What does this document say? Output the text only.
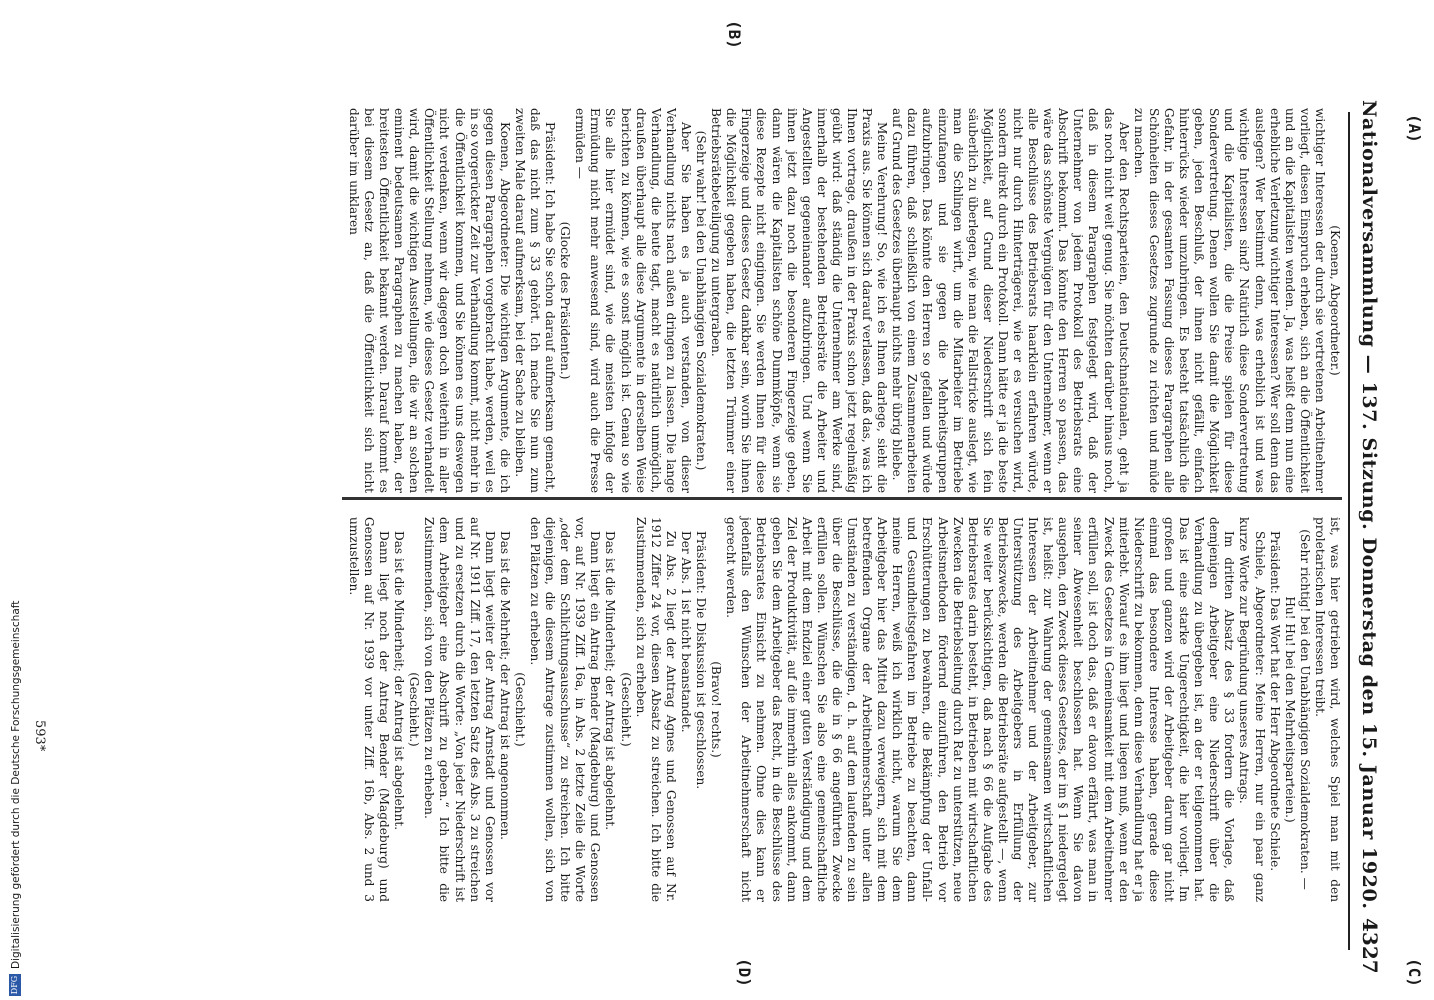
(A)
(C)
Nationalversammlung — 137. Sitzung. Donnerstag den 15. Januar 1920.
4327
(B)
(D)

(Koenen, Abgeordneter.)

wichtiger Interessen der durch sie vertretenen Arbeitnehmer vorliegt, diesen Einspruch erheben, sich an die Öffentlichkeit und an die Kapitalisten wenden. Ja, was heißt denn nun eine erhebliche Verletzung wichtiger Interessen? Wer soll denn das auslegen? Wer bestimmt denn, was erheblich ist und was wichtige Interessen sind? Natürlich diese Sondervertretung und die Kapitalisten, die die Preise spielen für diese Sondervertretung. Denen wollen Sie damit die Möglichkeit geben, jeden Beschluß, der ihnen nicht gefällt, einfach hinterrücks wieder umzubringen. Es besteht tatsächlich die Gefahr, in der gesamten Fassung dieses Paragraphen alle Schönheiten dieses Gesetzes zugrunde zu richten und müde zu machen.

Aber den Rechtsparteien, den Deutschnationalen, geht ja das noch nicht weit genug. Sie möchten darüber hinaus noch, daß in diesem Paragraphen festgelegt wird, daß der Unternehmer von jedem Protokoll des Betriebsrats eine Abschrift bekommt. Das könnte den Herren so passen, das wäre das schönste Vergnügen für den Unternehmer, wenn er alle Beschlüsse des Betriebsrats haarklein erfahren würde, nicht nur durch Hinterträgerei, wie er es versuchen wird, sondern direkt durch ein Protokoll. Dann hätte er ja die beste Möglichkeit, auf Grund dieser Niederschrift sich fein säuberlich zu überlegen, wie man die Fallstricke auslegt, wie man die Schlingen wirft, um die Mitarbeiter im Betriebe einzufangen und sie gegen die Mehrheitsgruppen aufzubringen. Das könnte den Herren so gefallen und würde dazu führen, daß schließlich von einem Zusammenarbeiten auf Grund des Gesetzes überhaupt nichts mehr übrig bliebe.

Meine Verehrung! So, wie ich es Ihnen darlege, sieht die Praxis aus. Sie können sich darauf verlassen, daß das, was ich Ihnen vortrage, draußen in der Praxis schon jetzt regelmäßig geübt wird: daß ständig die Unternehmer am Werke sind, innerhalb der bestehenden Betriebsräte die Arbeiter und Angestellten gegeneinander aufzubringen. Und wenn Sie ihnen jetzt dazu noch die besonderen Fingerzeige geben, dann wären die Kapitalisten schöne Dummköpfe, wenn sie diese Rezepte nicht eingingen. Sie werden Ihnen für diese Fingerzeige und dieses Gesetz dankbar sein, worin Sie ihnen die Möglichkeit gegeben haben, die letzten Trümmer einer Betriebsrätebeteiligung zu untergraben.

(Sehr wahr! bei den Unabhängigen Sozialdemokraten.)

Aber Sie haben es ja auch verstanden, von dieser Verhandlung nichts nach außen dringen zu lassen. Die lange Verhandlung, die heute tagt, macht es natürlich unmöglich, draußen überhaupt alle diese Argumente in derselben Weise berichten zu können, wie es sonst möglich ist. Genau so wie Sie alle hier ermüdet sind, wie die meisten infolge der Ermüdung nicht mehr anwesend sind, wird auch die Presse ermüden —

(Glocke des Präsidenten.)

Präsident: Ich habe Sie schon darauf aufmerksam gemacht, daß das nicht zum § 33 gehört. Ich mache Sie nun zum zweiten Male darauf aufmerksam, bei der Sache zu bleiben.

Koenen, Abgeordneter: Die wichtigen Argumente, die ich gegen diesen Paragraphen vorgebracht habe, werden, weil es in so vorgerückter Zeit zur Verhandlung kommt, nicht mehr in die Öffentlichkeit kommen, und Sie können es uns deswegen nicht verdenken, wenn wir dagegen doch weiterhin in aller Öffentlichkeit Stellung nehmen, wie dieses Gesetz verhandelt wird, damit die wichtigen Ausstellungen, die wir an solchen eminent bedeutsamen Paragraphen zu machen haben, der breitesten Öffentlichkeit bekannt werden. Darauf kommt es bei diesem Gesetz an, daß die Öffentlichkeit sich nicht darüber im unklaren

ist, was hier getrieben wird, welches Spiel man mit den proletarischen Interessen treibt.

(Sehr richtig! bei den Unabhängigen Sozialdemokraten. — Hu! Hu! bei den Mehrheitsparteien.)

Präsident: Das Wort hat der Herr Abgeordnete Schiele.

Schiele, Abgeordneter: Meine Herren, nur ein paar ganz kurze Worte zur Begründung unseres Antrags.

Im dritten Absatz des § 33 fordern die Vorlage, daß demjenigen Arbeitgeber eine Niederschrift über die Verhandlung zu übergeben ist, an der er teilgenommen hat. Das ist eine starke Ungerechtigkeit, die hier vorliegt. Im großen und ganzen wird der Arbeitgeber darum gar nicht einmal das besondere Interesse haben, gerade diese Niederschrift zu bekommen, denn diese Verhandlung hat er ja miterlebt. Worauf es ihm liegt und liegen muß, wenn er den Zweck des Gesetzes in Gemeinsamkeit mit dem Arbeitnehmer erfüllen soll, ist doch das, daß er davon erfährt, was man in seiner Abwesenheit beschlossen hat. Wenn Sie davon ausgehen, den Zweck dieses Gesetzes, der im § 1 niedergelegt ist, heißt: zur Wahrung der gemeinsamen wirtschaftlichen Interessen der Arbeitnehmer und der Arbeitgeber, zur Unterstützung des Arbeitgebers in Erfüllung der Betriebszwecke, werden die Betriebsräte aufgestellt —, wenn Sie weiter berücksichtigen, daß nach § 66 die Aufgabe des Betriebsrates darin besteht, in Betrieben mit wirtschaftlichen Zwecken die Betriebsleitung durch Rat zu unterstützen, neue Arbeitsmethoden fördernd einzuführen, den Betrieb vor Erschütterungen zu bewahren, die Bekämpfung der Unfall- und Gesundheitsgefahren im Betriebe zu beachten, dann meine Herren, weiß ich wirklich nicht, warum Sie dem Arbeitgeber hier das Mittel dazu verweigern, sich mit dem betreffenden Organe der Arbeitnehmerschaft unter allen Umständen zu verständigen, d. h. auf dem laufenden zu sein über die Beschlüsse, die die in § 66 angeführten Zwecke erfüllen sollen. Wünschen Sie also eine gemeinschaftliche Arbeit mit dem Endziel einer guten Verständigung und dem Ziel der Produktivität, auf die immerhin alles ankommt, dann geben Sie dem Arbeitgeber das Recht, in die Beschlüsse des Betriebsrates Einsicht zu nehmen. Ohne dies kann er jedenfalls den Wünschen der Arbeitnehmerschaft nicht gerecht werden.

(Bravo! rechts.)

Präsident: Die Diskussion ist geschlossen.

Der Abs. 1 ist nicht beanstandet.

Zu Abs. 2 liegt der Antrag Agnes und Genossen auf Nr. 1912 Ziffer 24 vor, diesen Absatz zu streichen. Ich bitte die Zustimmenden, sich zu erheben.

(Geschieht.)

Das ist die Minderheit; der Antrag ist abgelehnt.

Dann liegt ein Antrag Bender (Magdeburg) und Genossen vor, auf Nr. 1939 Ziff. 16a, in Abs. 2 letzte Zeile die Worte „oder dem Schlichtungsausschusse“ zu streichen. Ich bitte diejenigen, die diesem Antrage zustimmen wollen, sich von den Plätzen zu erheben.

(Geschieht.)

Das ist die Mehrheit; der Antrag ist angenommen.

Dann liegt weiter der Antrag Arnstadt und Genossen vor auf Nr. 1911 Ziff. 17, den letzten Satz des Abs. 3 zu streichen und zu ersetzen durch die Worte: „Von jeder Niederschrift ist dem Arbeitgeber eine Abschrift zu geben.“ Ich bitte die Zustimmenden, sich von den Plätzen zu erheben.

(Geschieht.)

Das ist die Minderheit; der Antrag ist abgelehnt.

Dann liegt noch der Antrag Bender (Magdeburg) und Genossen auf Nr. 1939 vor unter Ziff. 16b, Abs. 2 und 3 umzustellen.

593*
DFGDigitalisierung gefördert durch die Deutsche Forschungsgemeinschaft
